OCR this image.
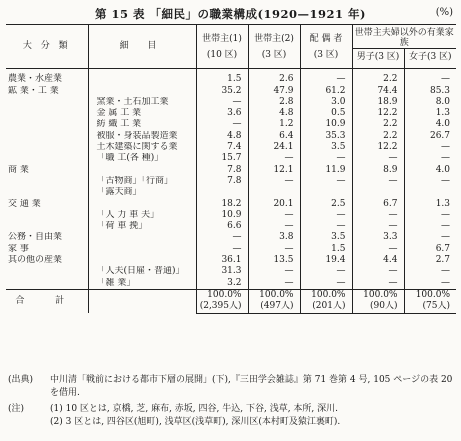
第 15 表 「細民」の職業構成(1920—1921 年)	(%)
大 分 類	細 目	世帯主(1)	世帯主(2)	配 偶 者	世帯主夫婦以外の有業家族	
		(10 区)	(3 区)	(3 区)	男子(3 区)	女子(3 区)
農業・水産業		1.5	2.6	—	2.2	—
鉱 業・工 業		35.2	47.9	61.2	74.4	85.3
	窯業・土石加工業	—	2.8	3.0	18.9	8.0
	金 属 工 業	3.6	4.8	0.5	12.2	1.3
	紡 織 工 業	—	1.2	10.9	2.2	4.0
	被服・身装品製造業	4.8	6.4	35.3	2.2	26.7
	土木建築に関する業	7.4	24.1	3.5	12.2	—
	「職 工(各 種)」	15.7	—	—	—	—
商 業		7.8	12.1	11.9	8.9	4.0
	「古物商」「行商」	7.8	—	—	—	—
	「露天商」					
交 通 業		18.2	20.1	2.5	6.7	1.3
	「人 力 車 夫」	10.9	—	—	—	—
	「荷 車 挽」	6.6	—	—	—	—
公務・自由業		—	3.8	3.5	3.3	—
家 事		—	—	1.5	—	6.7
其の他の産業		36.1	13.5	19.4	4.4	2.7
	「人夫(日雇・普通)」	31.3	—	—	—	—
	「雑 業」	3.2	—	—	—	—
合 計		100.0%	100.0%	100.0%	100.0%	100.0%
		(2,395人)	(497人)	(201人)	(90人)	(75人)
(出典)	中川清「戦前における都市下層の展開」(下),『三田学会雑誌』第 71 巻第 4 号, 105 ページの表 20 を借用.
(注)	(1) 10 区とは, 京橋, 芝, 麻布, 赤坂, 四谷, 牛込, 下谷, 浅草, 本所, 深川.
(2) 3 区とは, 四谷区(旭町), 浅草区(浅草町), 深川区(本村町及猿江裏町).
